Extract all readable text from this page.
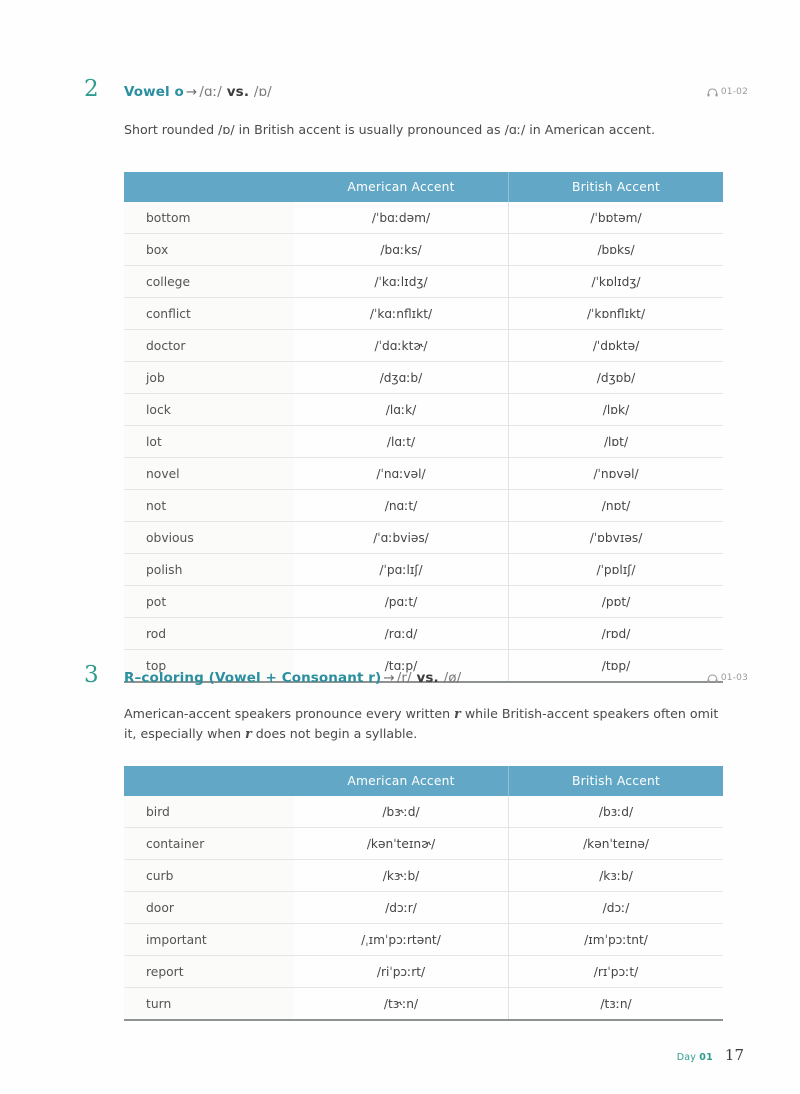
2 Vowel o → /ɑː/ vs. /ɒ/	01-02
Short rounded /ɒ/ in British accent is usually pronounced as /ɑː/ in American accent.
	American Accent	British Accent
bottom	/ˈbɑːdəm/	/ˈbɒtəm/
box	/bɑːks/	/bɒks/
college	/ˈkɑːlɪdʒ/	/ˈkɒlɪdʒ/
conflict	/ˈkɑːnflɪkt/	/ˈkɒnflɪkt/
doctor	/ˈdɑːktɚ/	/ˈdɒktə/
job	/dʒɑːb/	/dʒɒb/
lock	/lɑːk/	/lɒk/
lot	/lɑːt/	/lɒt/
novel	/ˈnɑːvəl/	/ˈnɒvəl/
not	/nɑːt/	/nɒt/
obvious	/ˈɑːbviəs/	/ˈɒbvɪəs/
polish	/ˈpɑːlɪʃ/	/ˈpɒlɪʃ/
pot	/pɑːt/	/pɒt/
rod	/rɑːd/	/rɒd/
top	/tɑːp/	/tɒp/
3 R–coloring (Vowel + Consonant r) → /r/ vs. /ø/	01-03
American-accent speakers pronounce every written r while British-accent speakers often omit it, especially when r does not begin a syllable.
	American Accent	British Accent
bird	/bɝːd/	/bɜːd/
container	/kənˈteɪnɚ/	/kənˈteɪnə/
curb	/kɝːb/	/kɜːb/
door	/dɔːr/	/dɔː/
important	/ˌɪmˈpɔːrtənt/	/ɪmˈpɔːtnt/
report	/riˈpɔːrt/	/rɪˈpɔːt/
turn	/tɝːn/	/tɜːn/
Day 01 17
